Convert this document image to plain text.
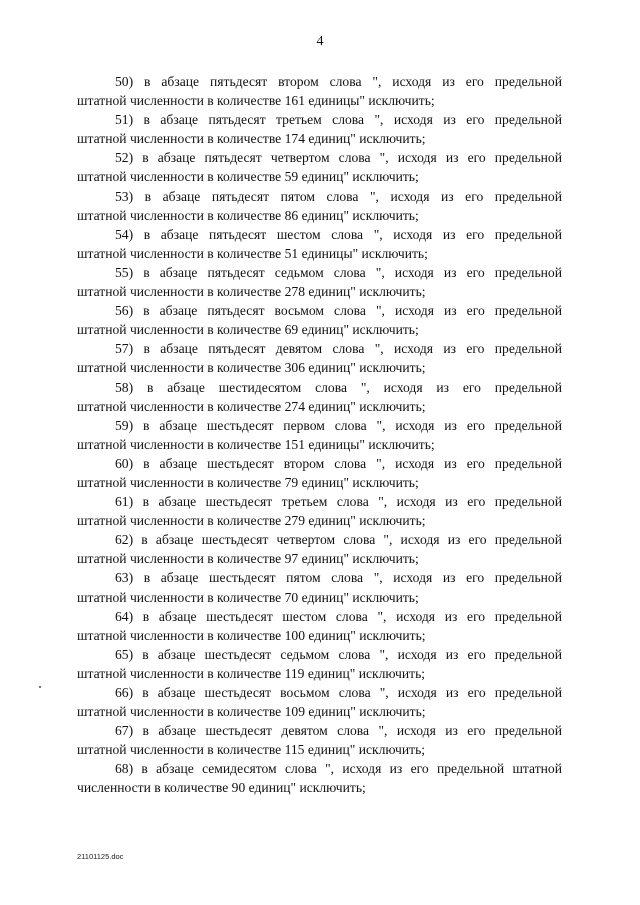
4
50) в абзаце пятьдесят втором слова ", исходя из его предельной
штатной численности в количестве 161 единицы" исключить;
51) в абзаце пятьдесят третьем слова ", исходя из его предельной
штатной численности в количестве 174 единиц" исключить;
52) в абзаце пятьдесят четвертом слова ", исходя из его предельной
штатной численности в количестве 59 единиц" исключить;
53) в абзаце пятьдесят пятом слова ", исходя из его предельной
штатной численности в количестве 86 единиц" исключить;
54) в абзаце пятьдесят шестом слова ", исходя из его предельной
штатной численности в количестве 51 единицы" исключить;
55) в абзаце пятьдесят седьмом слова ", исходя из его предельной
штатной численности в количестве 278 единиц" исключить;
56) в абзаце пятьдесят восьмом слова ", исходя из его предельной
штатной численности в количестве 69 единиц" исключить;
57) в абзаце пятьдесят девятом слова ", исходя из его предельной
штатной численности в количестве 306 единиц" исключить;
58) в абзаце шестидесятом слова ", исходя из его предельной
штатной численности в количестве 274 единиц" исключить;
59) в абзаце шестьдесят первом слова ", исходя из его предельной
штатной численности в количестве 151 единицы" исключить;
60) в абзаце шестьдесят втором слова ", исходя из его предельной
штатной численности в количестве 79 единиц" исключить;
61) в абзаце шестьдесят третьем слова ", исходя из его предельной
штатной численности в количестве 279 единиц" исключить;
62) в абзаце шестьдесят четвертом слова ", исходя из его предельной
штатной численности в количестве 97 единиц" исключить;
63) в абзаце шестьдесят пятом слова ", исходя из его предельной
штатной численности в количестве 70 единиц" исключить;
64) в абзаце шестьдесят шестом слова ", исходя из его предельной
штатной численности в количестве 100 единиц" исключить;
65) в абзаце шестьдесят седьмом слова ", исходя из его предельной
штатной численности в количестве 119 единиц" исключить;
66) в абзаце шестьдесят восьмом слова ", исходя из его предельной
штатной численности в количестве 109 единиц" исключить;
67) в абзаце шестьдесят девятом слова ", исходя из его предельной
штатной численности в количестве 115 единиц" исключить;
68) в абзаце семидесятом слова ", исходя из его предельной штатной
численности в количестве 90 единиц" исключить;
21101125.doc
